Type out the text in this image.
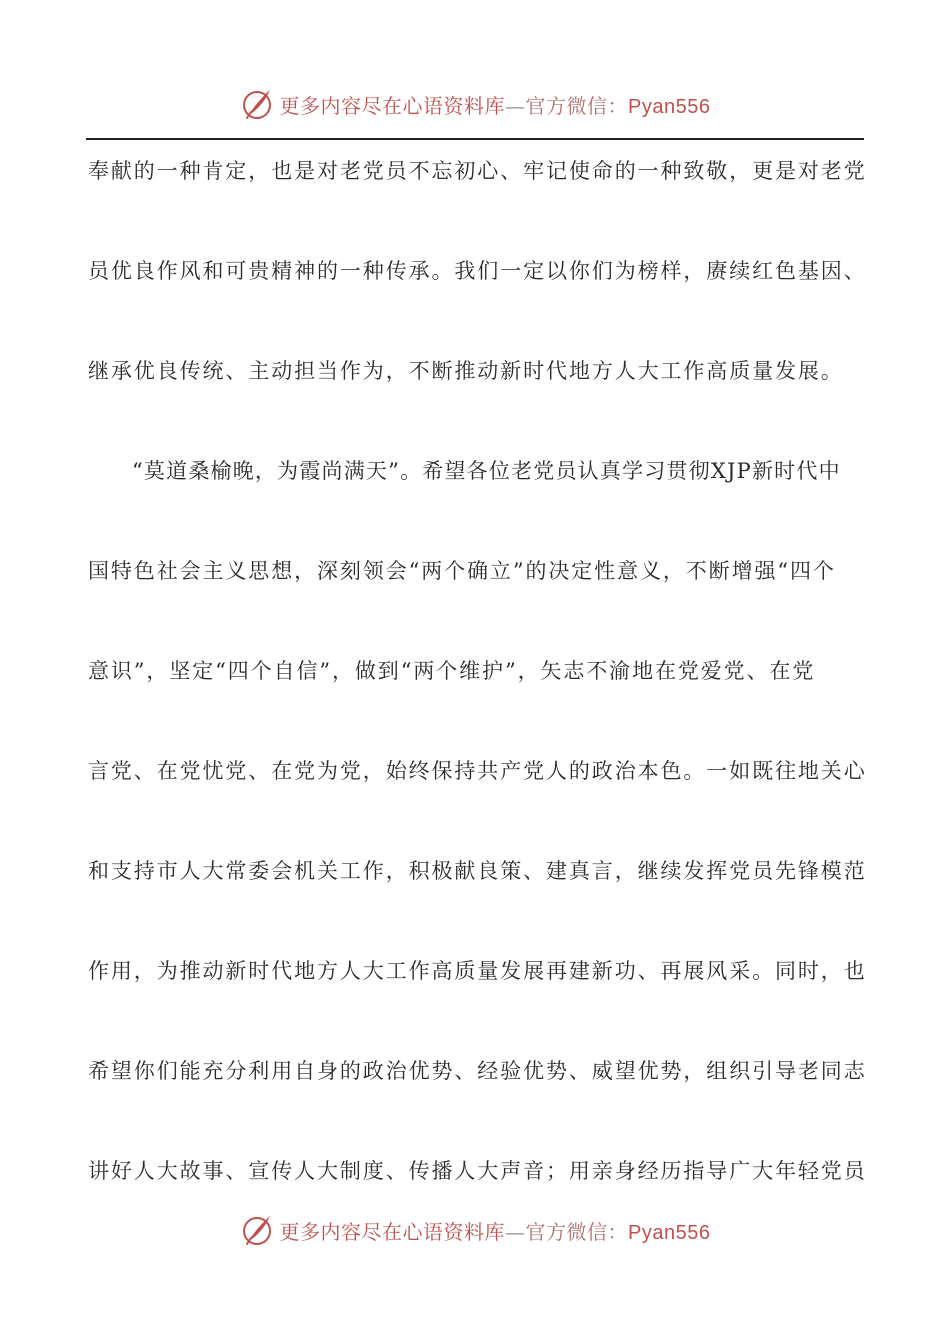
更多内容尽在心语资料库—官方微信：Pyan556
奉献的一种肯定，也是对老党员不忘初心、牢记使命的一种致敬，更是对老党
员优良作风和可贵精神的一种传承。我们一定以你们为榜样，赓续红色基因、
继承优良传统、主动担当作为，不断推动新时代地方人大工作高质量发展。
“莫道桑榆晚，为霞尚满天”。希望各位老党员认真学习贯彻XJP新时代中
国特色社会主义思想，深刻领会“两个确立”的决定性意义，不断增强“四个
意识”，坚定“四个自信”，做到“两个维护”，矢志不渝地在党爱党、在党
言党、在党忧党、在党为党，始终保持共产党人的政治本色。一如既往地关心
和支持市人大常委会机关工作，积极献良策、建真言，继续发挥党员先锋模范
作用，为推动新时代地方人大工作高质量发展再建新功、再展风采。同时，也
希望你们能充分利用自身的政治优势、经验优势、威望优势，组织引导老同志
讲好人大故事、宣传人大制度、传播人大声音；用亲身经历指导广大年轻党员
更多内容尽在心语资料库—官方微信：Pyan556
